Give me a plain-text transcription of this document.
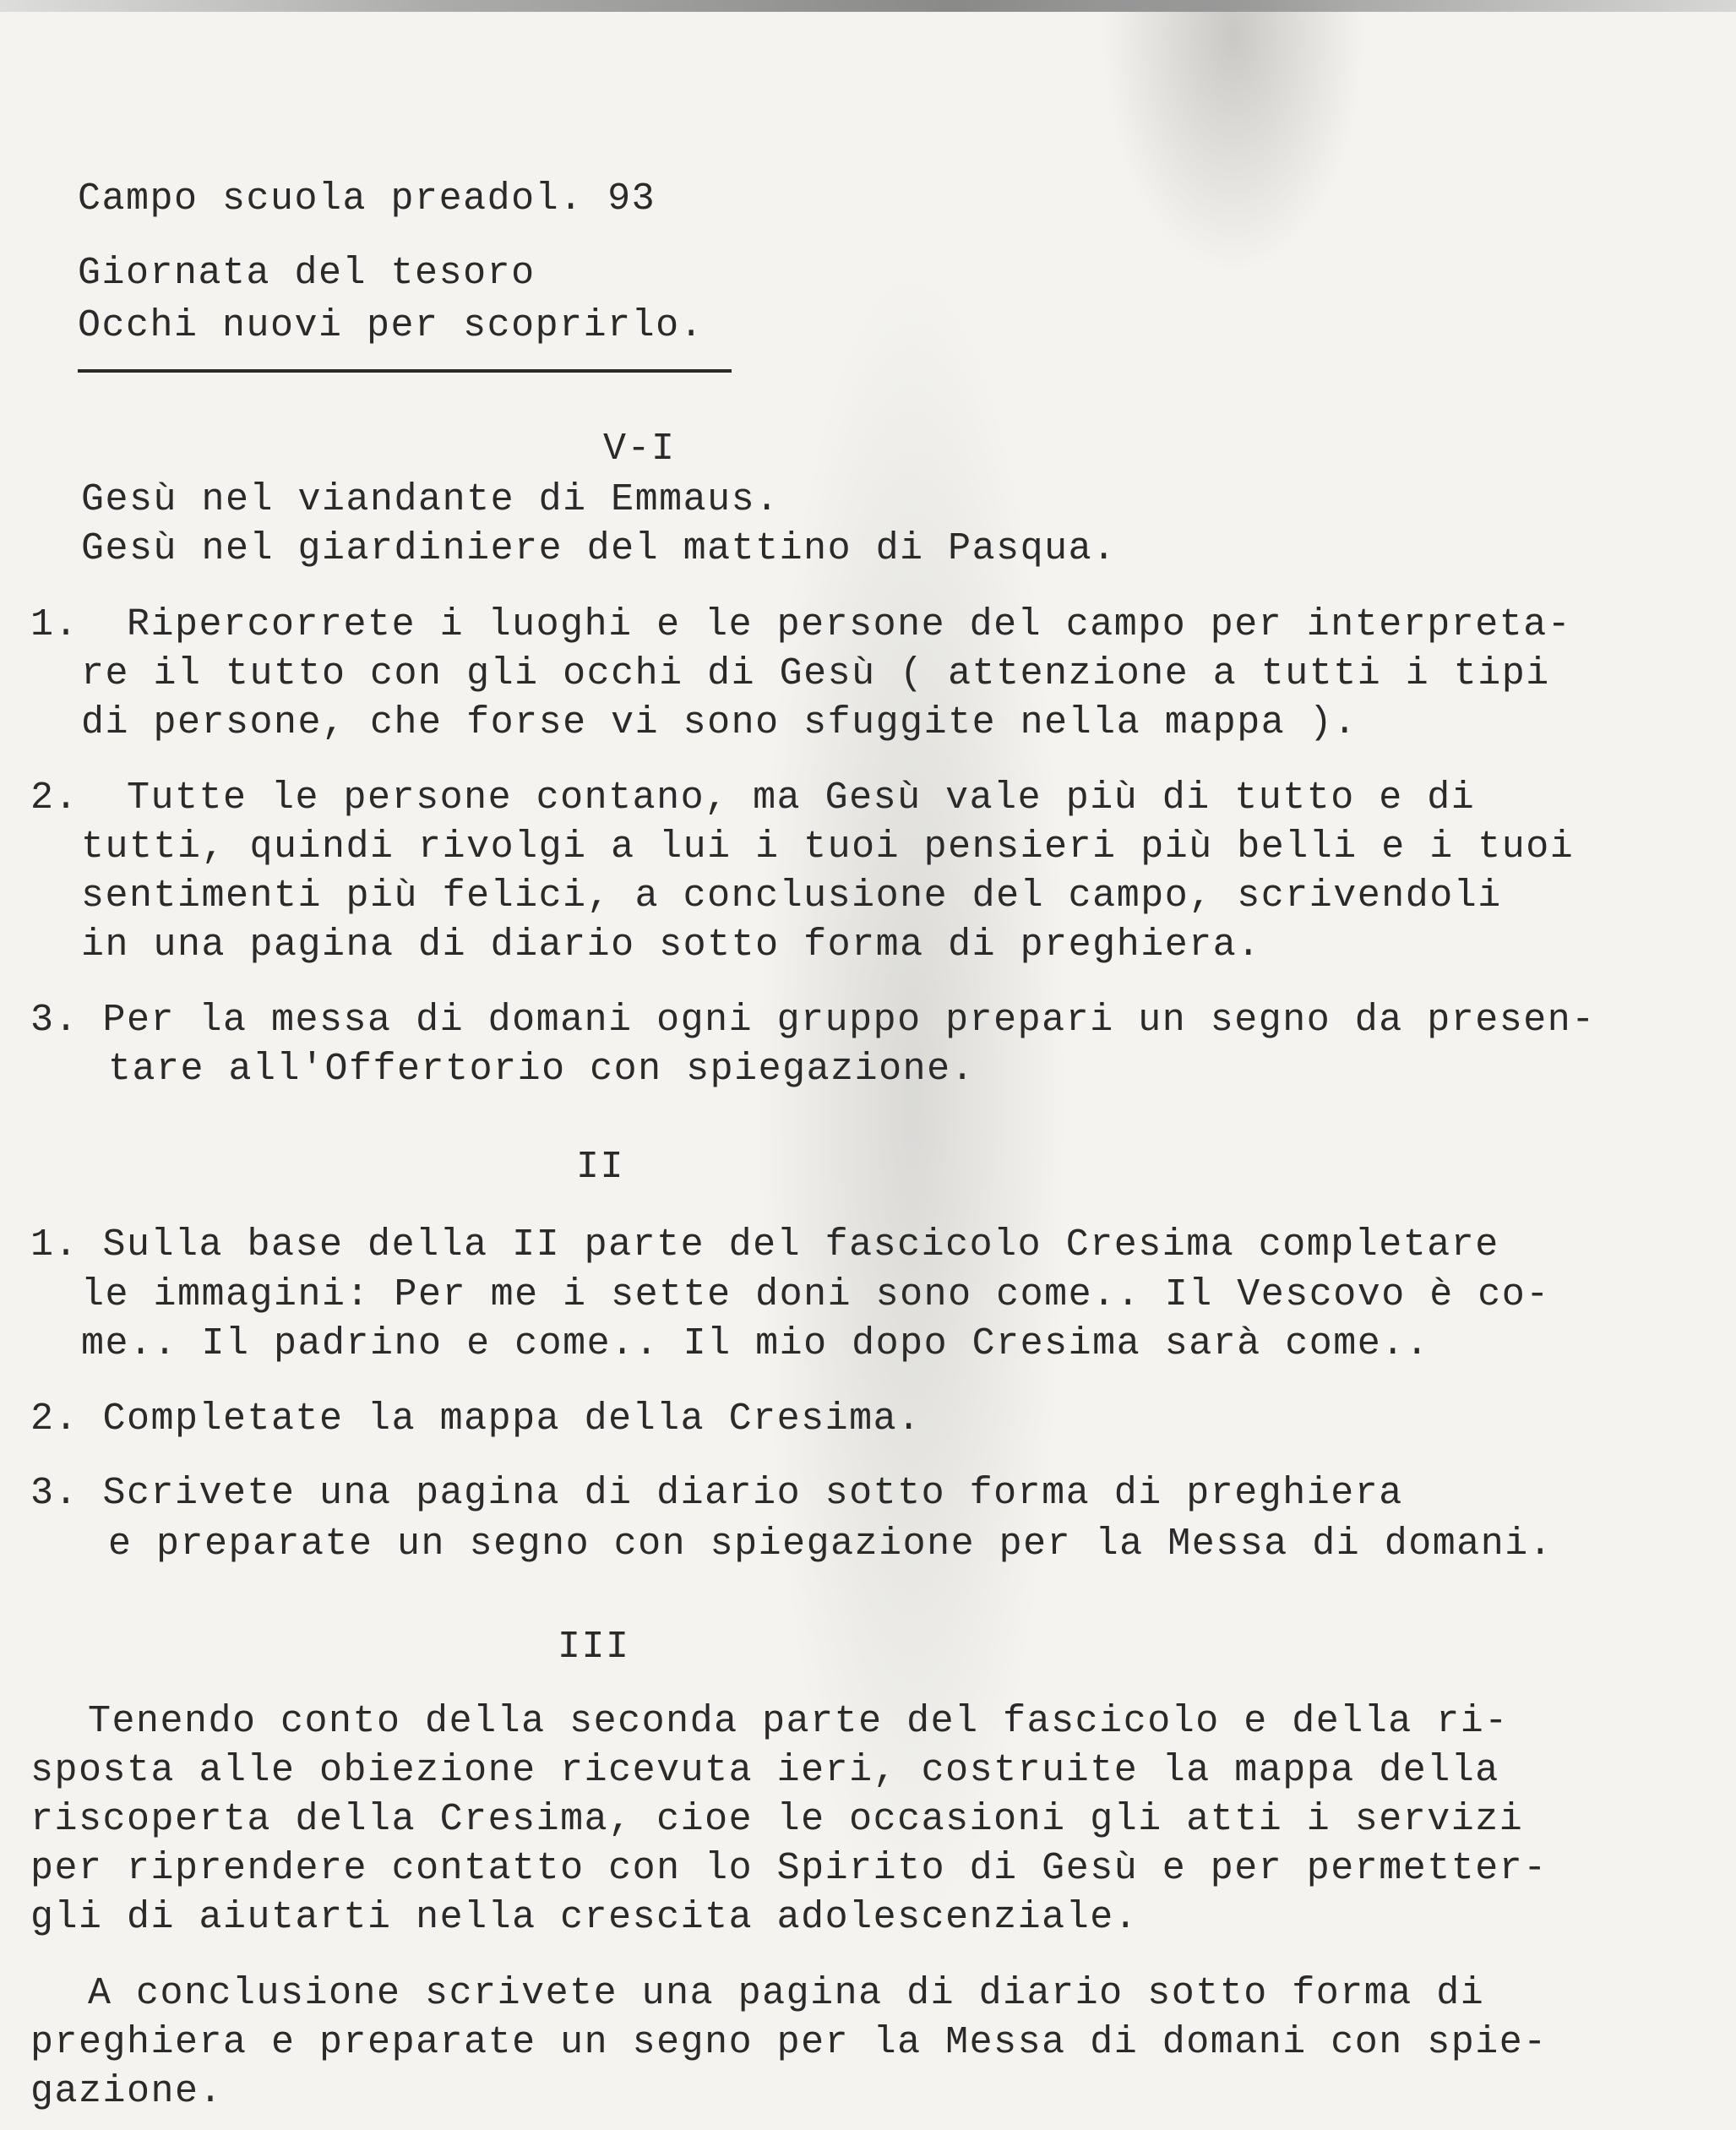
Campo scuola preadol. 93
Giornata del tesoro
Occhi nuovi per scoprirlo.
V-I
Gesù nel viandante di Emmaus.
Gesù nel giardiniere del mattino di Pasqua.
1.  Ripercorrete i luoghi e le persone del campo per interpreta-
re il tutto con gli occhi di Gesù ( attenzione a tutti i tipi
di persone, che forse vi sono sfuggite nella mappa ).
2.  Tutte le persone contano, ma Gesù vale più di tutto e di
tutti, quindi rivolgi a lui i tuoi pensieri più belli e i tuoi
sentimenti più felici, a conclusione del campo, scrivendoli
in una pagina di diario sotto forma di preghiera.
3. Per la messa di domani ogni gruppo prepari un segno da presen-
tare all'Offertorio con spiegazione.
II
1. Sulla base della II parte del fascicolo Cresima completare
le immagini: Per me i sette doni sono come.. Il Vescovo è co-
me.. Il padrino e come.. Il mio dopo Cresima sarà come..
2. Completate la mappa della Cresima.
3. Scrivete una pagina di diario sotto forma di preghiera
e preparate un segno con spiegazione per la Messa di domani.
III
Tenendo conto della seconda parte del fascicolo e della ri-
sposta alle obiezione ricevuta ieri, costruite la mappa della
riscoperta della Cresima, cioe le occasioni gli atti i servizi
per riprendere contatto con lo Spirito di Gesù e per permetter-
gli di aiutarti nella crescita adolescenziale.
A conclusione scrivete una pagina di diario sotto forma di
preghiera e preparate un segno per la Messa di domani con spie-
gazione.
